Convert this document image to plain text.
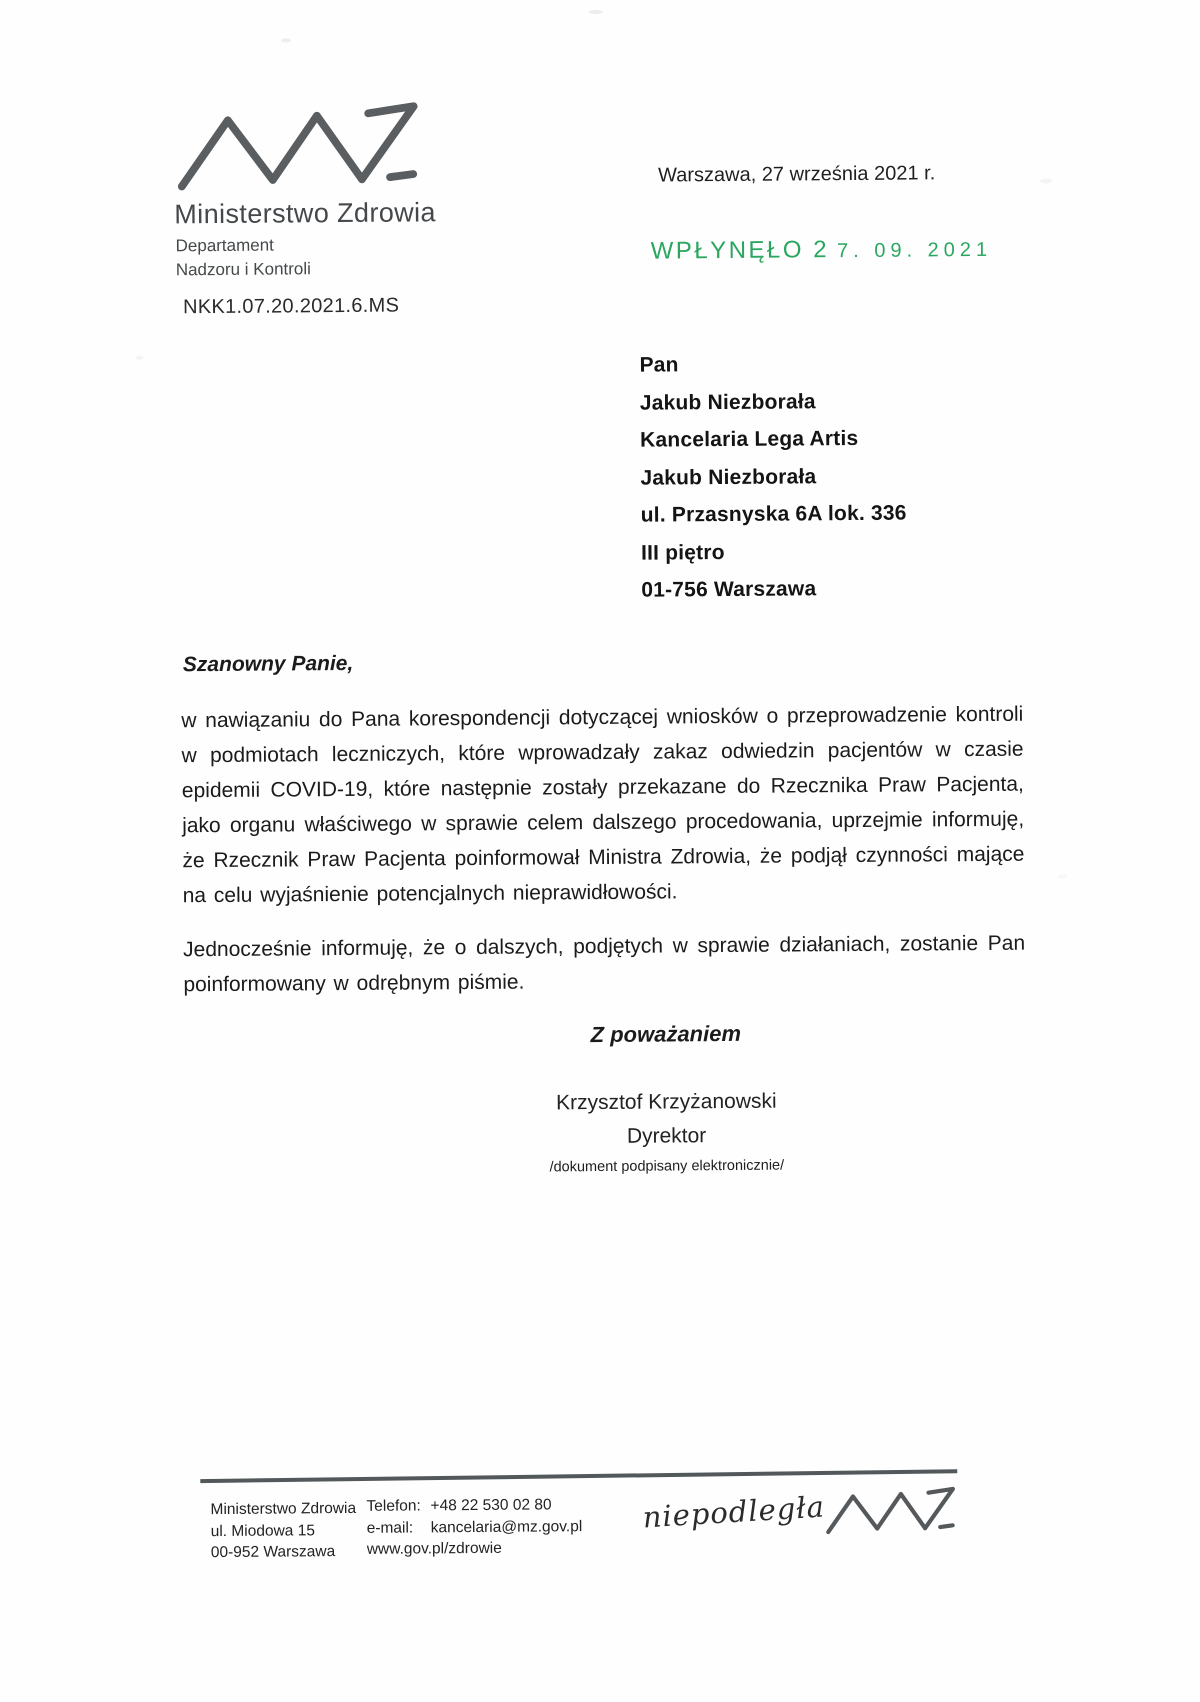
Ministerstwo Zdrowia
Departament
Nadzoru i Kontroli
NKK1.07.20.2021.6.MS
Warszawa, 27 września 2021 r.
WPŁYNĘŁO 2 7. 09. 2021
Pan
Jakub Niezborała
Kancelaria Lega Artis
Jakub Niezborała
ul. Przasnyska 6A lok. 336
III piętro
01-756 Warszawa

Szanowny Panie,

w nawiązaniu do Pana korespondencji dotyczącej wniosków o przeprowadzenie kontroli w podmiotach leczniczych, które wprowadzały zakaz odwiedzin pacjentów w czasie epidemii COVID-19, które następnie zostały przekazane do Rzecznika Praw Pacjenta, jako organu właściwego w sprawie celem dalszego procedowania, uprzejmie informuję, że Rzecznik Praw Pacjenta poinformował Ministra Zdrowia, że podjął czynności mające na celu wyjaśnienie potencjalnych nieprawidłowości.

Jednocześnie informuję, że o dalszych, podjętych w sprawie działaniach, zostanie Pan poinformowany w odrębnym piśmie.

Z poważaniem
Krzysztof Krzyżanowski
Dyrektor
/dokument podpisany elektronicznie/
Ministerstwo Zdrowia
ul. Miodowa 15
00-952 Warszawa
Telefon: +48 22 530 02 80
e-mail:	kancelaria@mz.gov.pl
www.gov.pl/zdrowie
niepodległa
